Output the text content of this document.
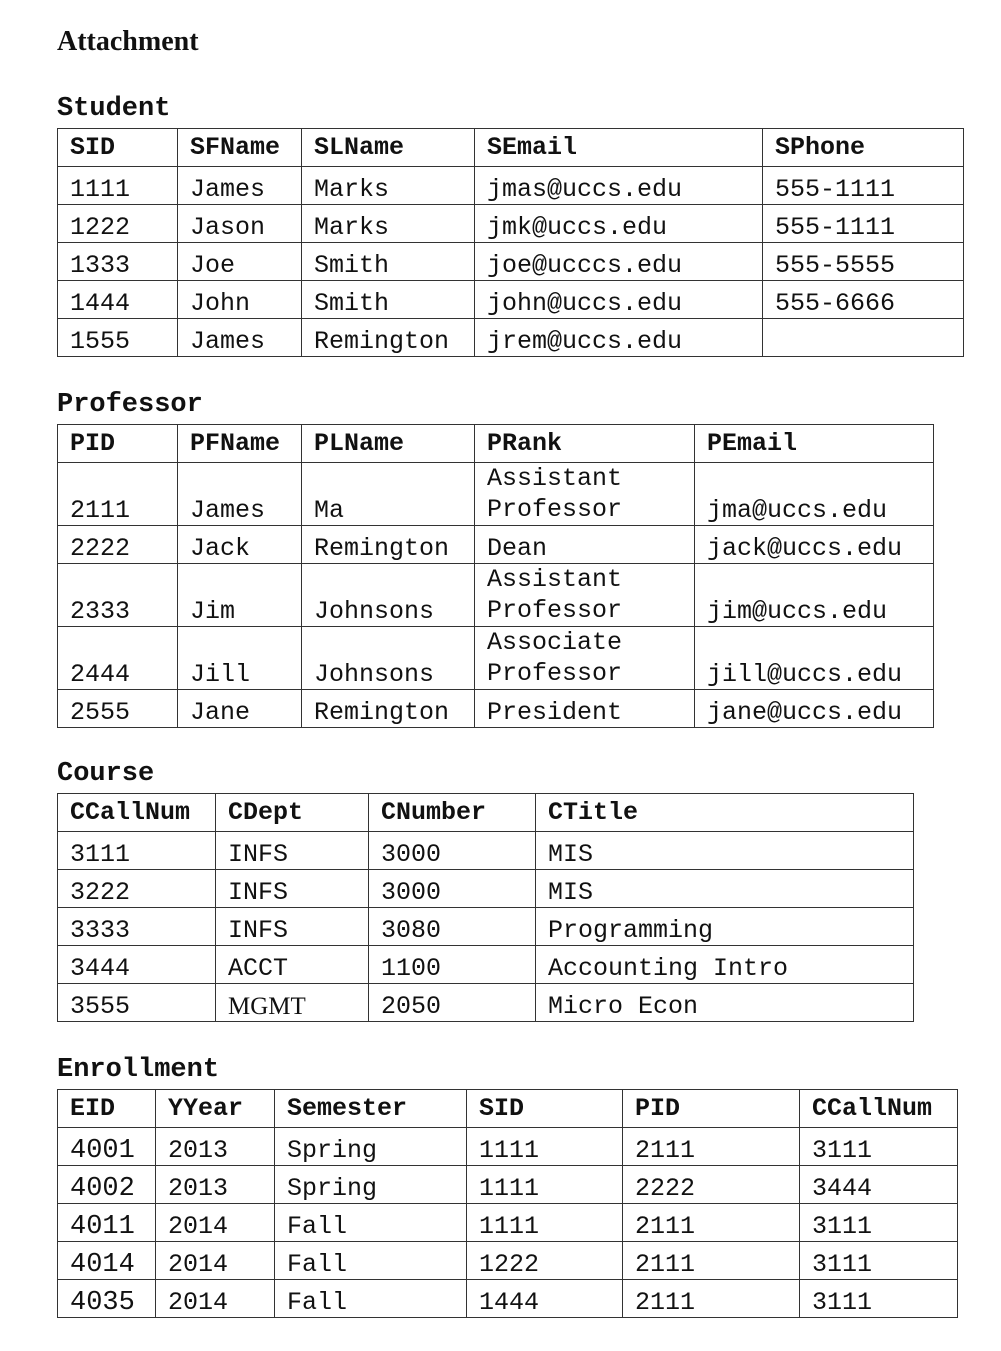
Attachment
Student
SID	SFName	SLName	SEmail	SPhone
1111	James	Marks	jmas@uccs.edu	555-1111
1222	Jason	Marks	jmk@uccs.edu	555-1111
1333	Joe	Smith	joe@ucccs.edu	555-5555
1444	John	Smith	john@uccs.edu	555-6666
1555	James	Remington	jrem@uccs.edu	
Professor
PID	PFName	PLName	PRank	PEmail
2111	James	Ma	Assistant Professor	jma@uccs.edu
2222	Jack	Remington	Dean	jack@uccs.edu
2333	Jim	Johnsons	Assistant Professor	jim@uccs.edu
2444	Jill	Johnsons	Associate Professor	jill@uccs.edu
2555	Jane	Remington	President	jane@uccs.edu
Course
CCallNum	CDept	CNumber	CTitle
3111	INFS	3000	MIS
3222	INFS	3000	MIS
3333	INFS	3080	Programming
3444	ACCT	1100	Accounting Intro
3555	MGMT	2050	Micro Econ
Enrollment
EID	YYear	Semester	SID	PID	CCallNum
4001	2013	Spring	1111	2111	3111
4002	2013	Spring	1111	2222	3444
4011	2014	Fall	1111	2111	3111
4014	2014	Fall	1222	2111	3111
4035	2014	Fall	1444	2111	3111
